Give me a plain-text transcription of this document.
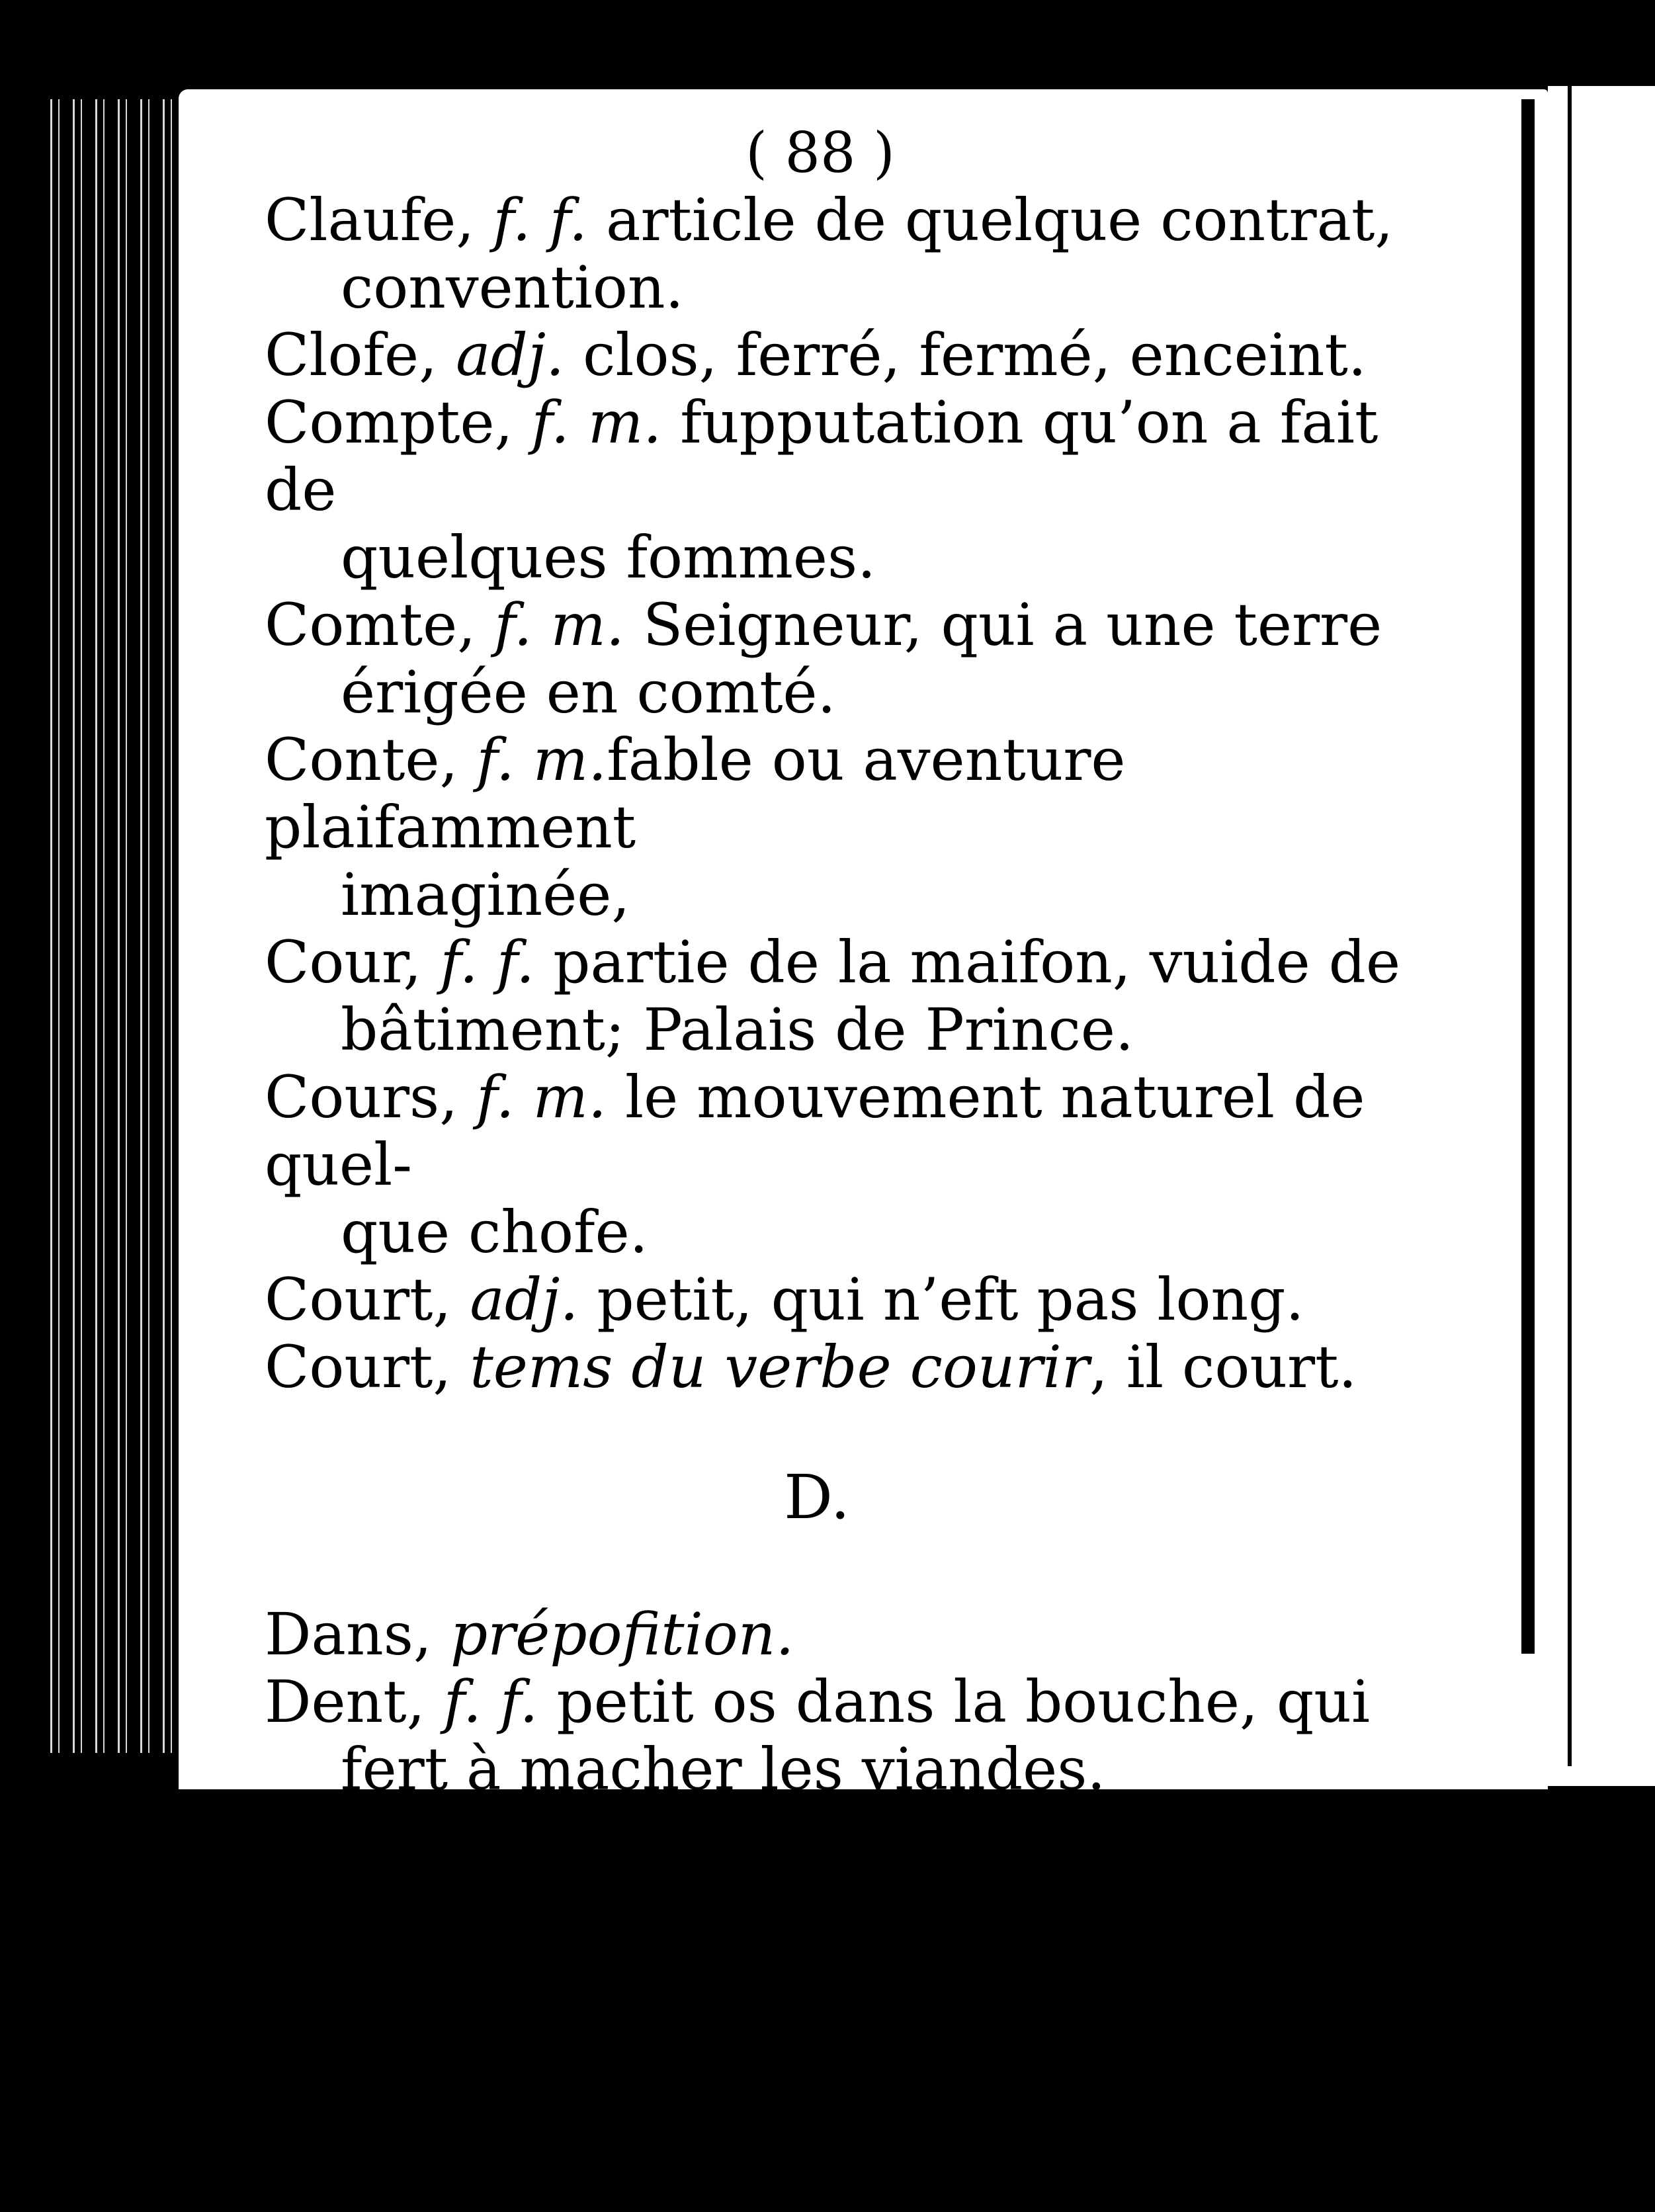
( 88 )

Claufe, f. f. article de quelque contrat,

convention.

Clofe, adj. clos, ferré, fermé, enceint.

Compte, f. m. fupputation qu’on a fait de

quelques fommes.

Comte, f. m. Seigneur, qui a une terre

érigée en comté.

Conte, f. m.fable ou aventure plaifamment

imaginée,

Cour, f. f. partie de la maifon, vuide de

bâtiment; Palais de Prince.

Cours, f. m. le mouvement naturel de quel-

que chofe.

Court, adj. petit, qui n’eft pas long.

Court, tems du verbe courir, il court.

D.

Dans, prépofition.

Dent, f. f. petit os dans la bouche, qui

fert à macher les viandes.

Décent, adj. convenable, propre.

Defcent, tems du verbe defcendre, il defcent.

Doigt, f. m. une des cinq parties de la main.

Doit, tems du verbe devoir, il doit.
